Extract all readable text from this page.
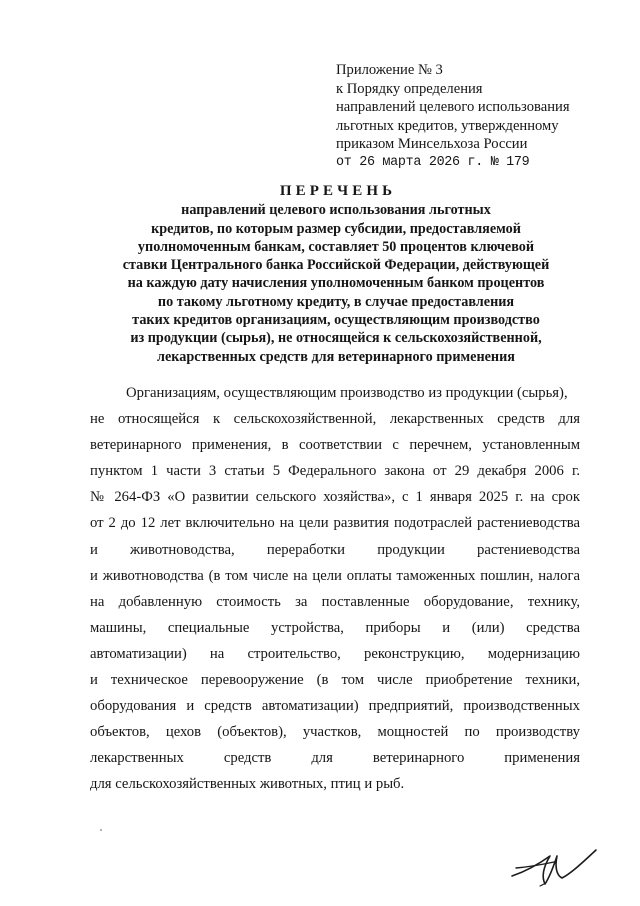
Приложение № 3
к Порядку определения
направлений целевого использования
льготных кредитов, утвержденному
приказом Минсельхоза России
от 26 марта 2026 г. № 179
ПЕРЕЧЕНЬ
направлений целевого использования льготных
кредитов, по которым размер субсидии, предоставляемой
уполномоченным банкам, составляет 50 процентов ключевой
ставки Центрального банка Российской Федерации, действующей
на каждую дату начисления уполномоченным банком процентов
по такому льготному кредиту, в случае предоставления
таких кредитов организациям, осуществляющим производство
из продукции (сырья), не относящейся к сельскохозяйственной,
лекарственных средств для ветеринарного применения
Организациям, осуществляющим производство из продукции (сырья),
не относящейся к сельскохозяйственной, лекарственных средств для
ветеринарного применения, в соответствии с перечнем, установленным
пунктом 1 части 3 статьи 5 Федерального закона от 29 декабря 2006 г.
№ 264-ФЗ «О развитии сельского хозяйства», с 1 января 2025 г. на срок
от 2 до 12 лет включительно на цели развития подотраслей растениеводства
и животноводства, переработки продукции растениеводства
и животноводства (в том числе на цели оплаты таможенных пошлин, налога
на добавленную стоимость за поставленные оборудование, технику,
машины, специальные устройства, приборы и (или) средства
автоматизации) на строительство, реконструкцию, модернизацию
и техническое перевооружение (в том числе приобретение техники,
оборудования и средств автоматизации) предприятий, производственных
объектов, цехов (объектов), участков, мощностей по производству
лекарственных средств для ветеринарного применения
для сельскохозяйственных животных, птиц и рыб.
